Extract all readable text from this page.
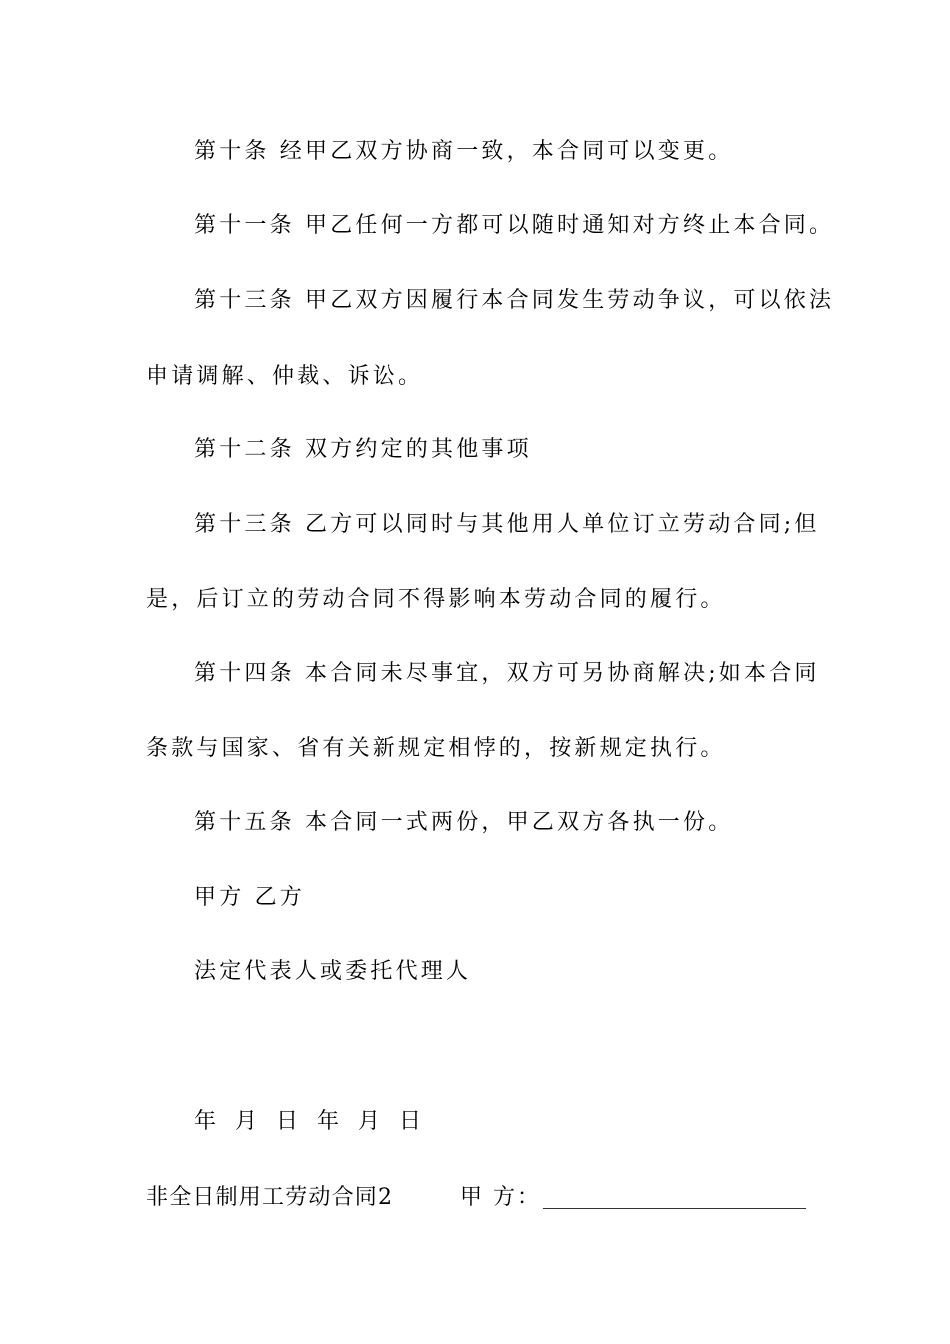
第十条 经甲乙双方协商一致，本合同可以变更。
第十一条 甲乙任何一方都可以随时通知对方终止本合同。
第十三条 甲乙双方因履行本合同发生劳动争议，可以依法
申请调解、仲裁、诉讼。
第十二条 双方约定的其他事项
第十三条 乙方可以同时与其他用人单位订立劳动合同;但
是，后订立的劳动合同不得影响本劳动合同的履行。
第十四条 本合同未尽事宜，双方可另协商解决;如本合同
条款与国家、省有关新规定相悖的，按新规定执行。
第十五条 本合同一式两份，甲乙双方各执一份。
甲方 乙方
法定代表人或委托代理人
年 月 日 年 月 日
非全日制用工劳动合同2	甲 方：
